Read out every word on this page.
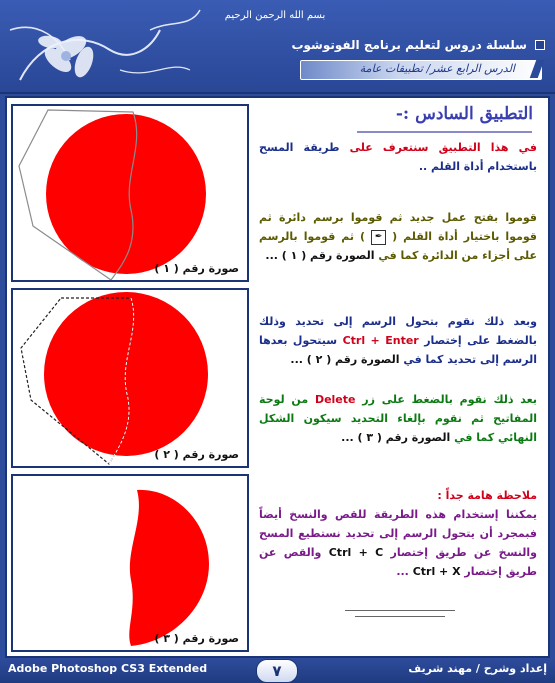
بسم الله الرحمن الرحيم
سلسلة دروس لتعليم برنامج الفوتوشوب
الدرس الرابع عشر/ تطبيقات عامة
صورة رقم ( ١ )
صورة رقم ( ٢ )
صورة رقم ( ٣ )
التطبيق السادس :-
في هذا التطبيق سنتعرف على طريقة المسح باستخدام أداة القلم ..
قوموا بفتح عمل جديد ثم قوموا برسم دائرة ثم قوموا باختيار أداة القلم ( ✒ ) ثم قوموا بالرسم على أجزاء من الدائرة كما في الصورة رقم ( ١ ) ...
وبعد ذلك نقوم بتحول الرسم إلى تحديد وذلك بالضغط على إختصار Ctrl + Enter سيتحول بعدها الرسم إلى تحديد كما في الصورة رقم ( ٢ ) ...
بعد ذلك نقوم بالضغط على زر Delete من لوحة المفاتيح ثم نقوم بإلغاء التحديد سيكون الشكل النهائي كما في الصورة رقم ( ٣ ) ...
ملاحظة هامة جداً :
يمكننا إستخدام هذه الطريقة للقص والنسخ أيضاً فبمجرد أن يتحول الرسم إلى تحديد نستطيع المسح والنسخ عن طريق إختصار Ctrl + C والقص عن طريق إختصار Ctrl + X ...
Adobe Photoshop CS3 Extended	٧	إعداد وشرح / مهند شريف
